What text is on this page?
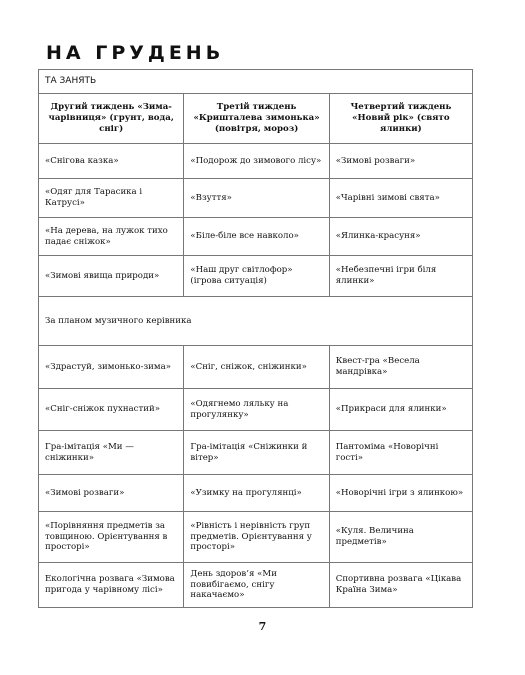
НА ГРУДЕНЬ
ТА ЗАНЯТЬ		
Другий тиждень «Зима-чарівниця» (грунт, вода, сніг)	Третій тиждень «Кришталева зимонька» (повітря, мороз)	Четвертий тиждень «Новий рік» (свято ялинки)
«Снігова казка»	«Подорож до зимового лісу»	«Зимові розваги»
«Одяг для Тарасика і Катрусі»	«Взуття»	«Чарівні зимові свята»
«На дерева, на лужок тихо падає сніжок»	«Біле-біле все навколо»	«Ялинка-красуня»
«Зимові явища природи»	«Наш друг світлофор» (ігрова ситуація)	«Небезпечні ігри біля ялинки»
За планом музичного керівника		
«Здрастуй, зимонько-зима»	«Сніг, сніжок, сніжинки»	Квест-гра «Весела мандрівка»
«Сніг-сніжок пухнастий»	«Одягнемо ляльку на прогулянку»	«Прикраси для ялинки»
Гра-імітація «Ми — сніжинки»	Гра-імітація «Сніжинки й вітер»	Пантоміма «Новорічні гості»
«Зимові розваги»	«Узимку на прогулянці»	«Новорічні ігри з ялинкою»
«Порівняння предметів за товщиною. Орієнтування в просторі»	«Рівність і нерівність груп предметів. Орієнтування у просторі»	«Куля. Величина предметів»
Екологічна розвага «Зимова пригода у чарівному лісі»	День здоров’я «Ми повибігаємо, снігу накачаємо»	Спортивна розвага «Цікава Країна Зима»
7
